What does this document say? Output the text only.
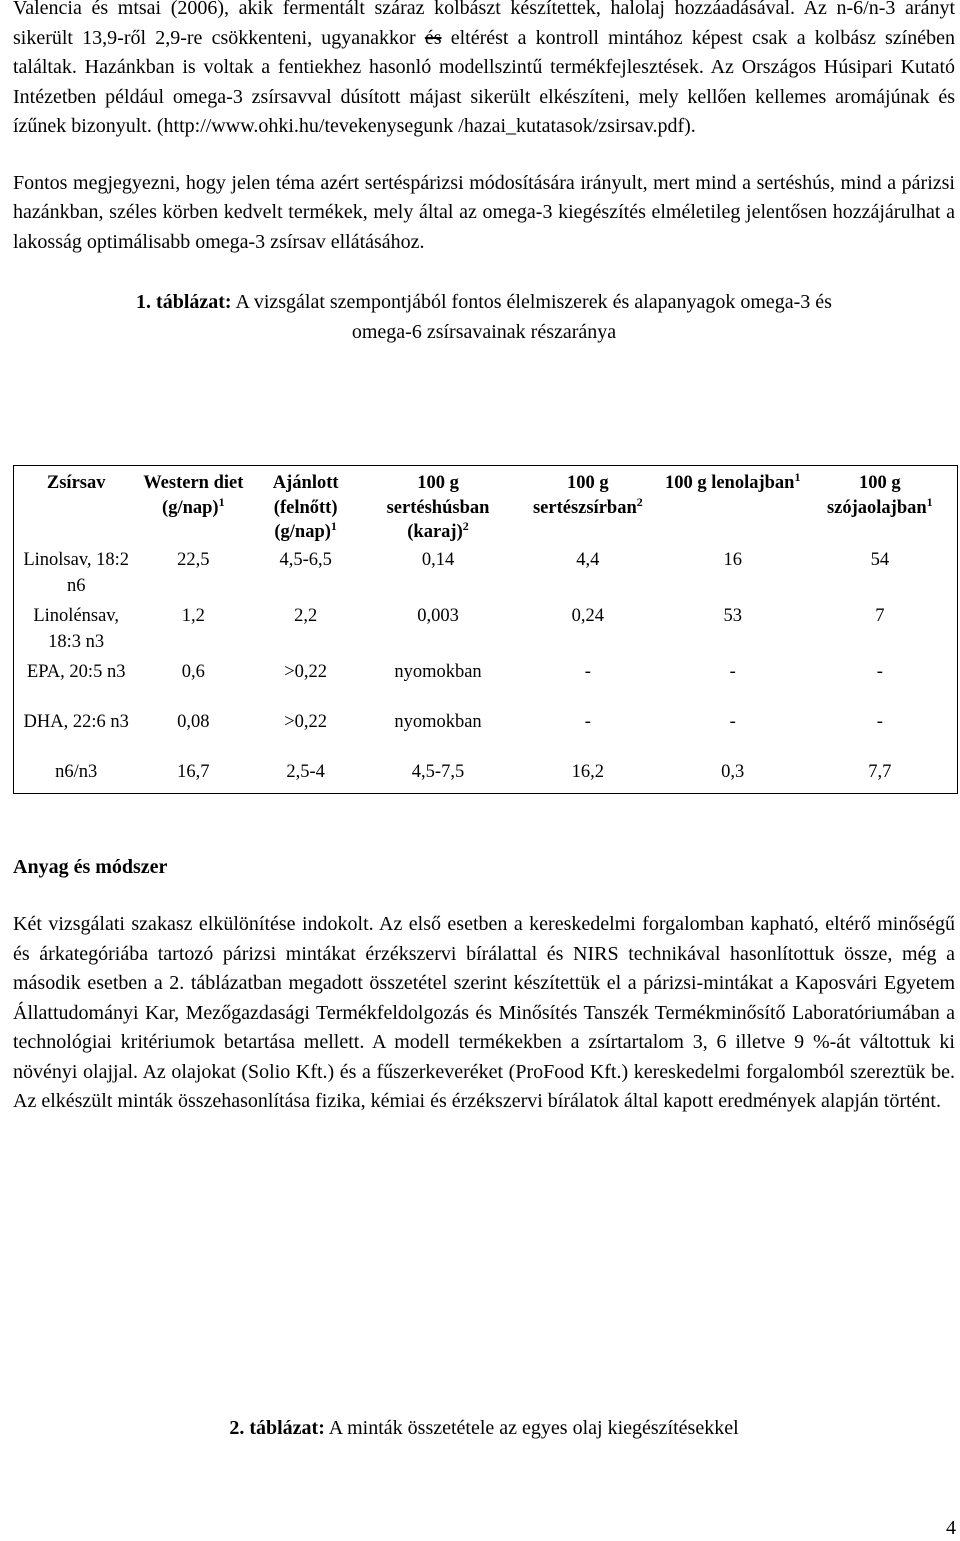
Valencia és mtsai (2006), akik fermentált száraz kolbászt készítettek, halolaj hozzáadásával. Az n-6/n-3 arányt sikerült 13,9-ről 2,9-re csökkenteni, ugyanakkor és eltérést a kontroll mintához képest csak a kolbász színében találtak. Hazánkban is voltak a fentiekhez hasonló modellszintű termékfejlesztések. Az Országos Húsipari Kutató Intézetben például omega-3 zsírsavval dúsított májast sikerült elkészíteni, mely kellően kellemes aromájúnak és ízűnek bizonyult. (http://www.ohki.hu/tevekenysegunk /hazai_kutatasok/zsirsav.pdf).

Fontos megjegyezni, hogy jelen téma azért sertéspárizsi módosítására irányult, mert mind a sertéshús, mind a párizsi hazánkban, széles körben kedvelt termékek, mely által az omega-3 kiegészítés elméletileg jelentősen hozzájárulhat a lakosság optimálisabb omega-3 zsírsav ellátásához.

1. táblázat: A vizsgálat szempontjából fontos élelmiszerek és alapanyagok omega-3 és
omega-6 zsírsavainak részaránya

Zsírsav	Western diet $(g/nap)^1$	Ajánlott (felnőtt) $(g/nap)^1$	100 g sertéshúsban (karaj)$^2$	100 g sertészsírban$^2$	100 g lenolajban$^1$	100 g szójaolajban$^1$
Linolsav, 18:2 n6	22,5	4,5-6,5	0,14	4,4	16	54
Linolénsav, 18:3 n3	1,2	2,2	0,003	0,24	53	7
EPA, 20:5 n3	0,6	>0,22	nyomokban	-	-	-
DHA, 22:6 n3	0,08	>0,22	nyomokban	-	-	-
n6/n3	16,7	2,5-4	4,5-7,5	16,2	0,3	7,7
Anyag és módszer

Két vizsgálati szakasz elkülönítése indokolt. Az első esetben a kereskedelmi forgalomban kapható, eltérő minőségű és árkategóriába tartozó párizsi mintákat érzékszervi bírálattal és NIRS technikával hasonlítottuk össze, még a második esetben a 2. táblázatban megadott összetétel szerint készítettük el a párizsi-mintákat a Kaposvári Egyetem Állattudományi Kar, Mezőgazdasági Termékfeldolgozás és Minősítés Tanszék Termékminősítő Laboratóriumában a technológiai kritériumok betartása mellett. A modell termékekben a zsírtartalom 3, 6 illetve 9 %-át váltottuk ki növényi olajjal. Az olajokat (Solio Kft.) és a fűszerkeveréket (ProFood Kft.) kereskedelmi forgalomból szereztük be. Az elkészült minták összehasonlítása fizika, kémiai és érzékszervi bírálatok által kapott eredmények alapján történt.

2. táblázat: A minták összetétele az egyes olaj kiegészítésekkel

4
